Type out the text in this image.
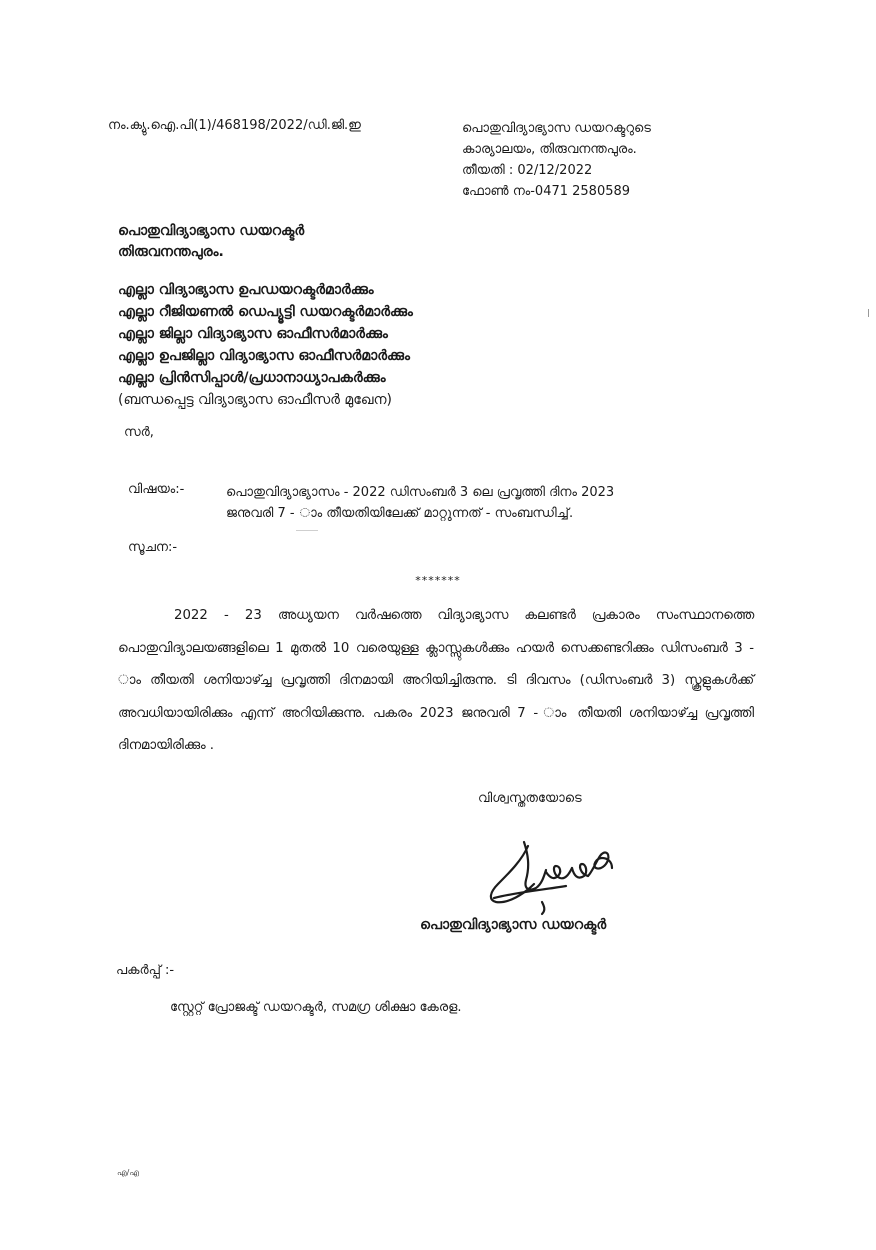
നം.ക്യു.ഐ.പി(1)/468198/2022/ഡി.ജി.ഇ	പൊതുവിദ്യാഭ്യാസ ഡയറക്ടറുടെ
കാര്യാലയം, തിരുവനന്തപുരം.
തീയതി : 02/12/2022
ഫോൺ നം-0471 2580589
പൊതുവിദ്യാഭ്യാസ ഡയറക്ടർ
തിരുവനന്തപുരം.
എല്ലാ വിദ്യാഭ്യാസ ഉപഡയറക്ടർമാർക്കും
എല്ലാ റീജിയണൽ ഡെപ്യൂട്ടി ഡയറക്ടർമാർക്കും
എല്ലാ ജില്ലാ വിദ്യാഭ്യാസ ഓഫീസർമാർക്കും
എല്ലാ ഉപജില്ലാ വിദ്യാഭ്യാസ ഓഫീസർമാർക്കും
എല്ലാ പ്രിൻസിപ്പാൾ/പ്രധാനാധ്യാപകർക്കും
(ബന്ധപ്പെട്ട വിദ്യാഭ്യാസ ഓഫീസർ മുഖേന)
സർ,
വിഷയം:-	പൊതുവിദ്യാഭ്യാസം - 2022 ഡിസംബർ 3 ലെ പ്രവൃത്തി ദിനം 2023
ജനുവരി 7 - ാം തീയതിയിലേക്ക് മാറ്റുന്നത് - സംബന്ധിച്ച്.
സൂചന:-
*******
2022 - 23 അധ്യയന വർഷത്തെ വിദ്യാഭ്യാസ കലണ്ടർ പ്രകാരം സംസ്ഥാനത്തെ പൊതുവിദ്യാലയങ്ങളിലെ 1 മുതൽ 10 വരെയുള്ള ക്ലാസ്സുകൾക്കും ഹയർ സെക്കണ്ടറിക്കും ഡിസംബർ 3 - ാം തീയതി ശനിയാഴ്ച്ച പ്രവൃത്തി ദിനമായി അറിയിച്ചിരുന്നു. ടി ദിവസം (ഡിസംബർ 3) സ്കൂളുകൾക്ക് അവധിയായിരിക്കും എന്ന് അറിയിക്കുന്നു. പകരം 2023 ജനുവരി 7 - ാം തീയതി ശനിയാഴ്ച്ച പ്രവൃത്തി ദിനമായിരിക്കും .
വിശ്വസ്തതയോടെ
പൊതുവിദ്യാഭ്യാസ ഡയറക്ടർ
പകർപ്പ് :-
സ്റ്റേറ്റ് പ്രോജക്ട് ഡയറക്ടർ, സമഗ്ര ശിക്ഷാ കേരള.
എ/എ
